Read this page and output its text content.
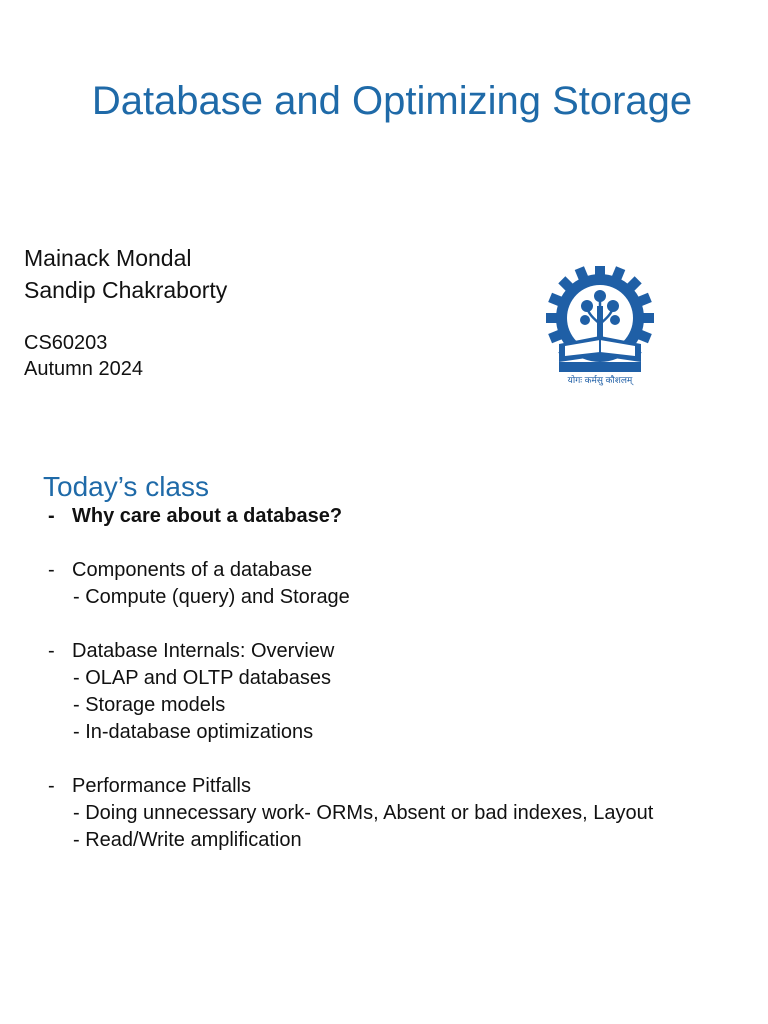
Database and Optimizing Storage
Mainack Mondal
Sandip Chakraborty
CS60203
Autumn 2024	योगः कर्मसु कौशलम्
Today’s class
- Why care about a database?
- Components of a database
- Compute (query) and Storage
- Database Internals: Overview
- OLAP and OLTP databases
- Storage models
- In-database optimizations
- Performance Pitfalls
- Doing unnecessary work- ORMs, Absent or bad indexes, Layout
- Read/Write amplification
